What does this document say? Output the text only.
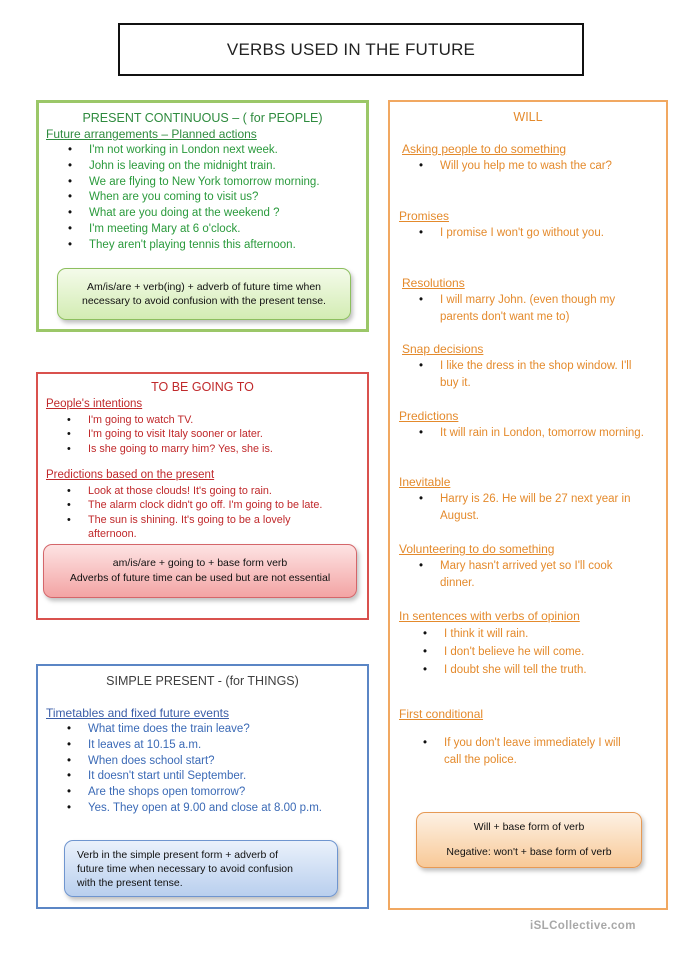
VERBS USED IN THE FUTURE
PRESENT CONTINUOUS – ( for PEOPLE)
Future arrangements – Planned actions
• I'm not working in London next week.
• John is leaving on the midnight train.
• We are flying to New York tomorrow morning.
• When are you coming to visit us?
• What are you doing at the weekend ?
• I'm meeting Mary at 6 o'clock.
• They aren't playing tennis this afternoon.
Am/is/are + verb(ing) + adverb of future time when
necessary to avoid confusion with the present tense.
TO BE GOING TO
People's intentions
• I'm going to watch TV.
• I'm going to visit Italy sooner or later.
• Is she going to marry him? Yes, she is.
Predictions based on the present
• Look at those clouds! It's going to rain.
• The alarm clock didn't go off. I'm going to be late.
• The sun is shining. It's going to be a lovely afternoon.
am/is/are + going to + base form verb
Adverbs of future time can be used but are not essential
SIMPLE PRESENT - (for THINGS)
Timetables and fixed future events
• What time does the train leave?
• It leaves at 10.15 a.m.
• When does school start?
• It doesn't start until September.
• Are the shops open tomorrow?
• Yes. They open at 9.00 and close at 8.00 p.m.
Verb in the simple present form + adverb of
future time when necessary to avoid confusion
with the present tense.
WILL
Asking people to do something
• Will you help me to wash the car?
Promises
• I promise I won't go without you.
Resolutions
• I will marry John. (even though my parents don't want me to)
Snap decisions
• I like the dress in the shop window. I'll buy it.
Predictions
• It will rain in London, tomorrow morning.
Inevitable
• Harry is 26. He will be 27 next year in August.
Volunteering to do something
• Mary hasn't arrived yet so I'll cook dinner.
In sentences with verbs of opinion
• I think it will rain.
• I don't believe he will come.
• I doubt she will tell the truth.
First conditional
• If you don't leave immediately I will call the police.
Will + base form of verb
Negative: won't + base form of verb
iSLCollective.com
